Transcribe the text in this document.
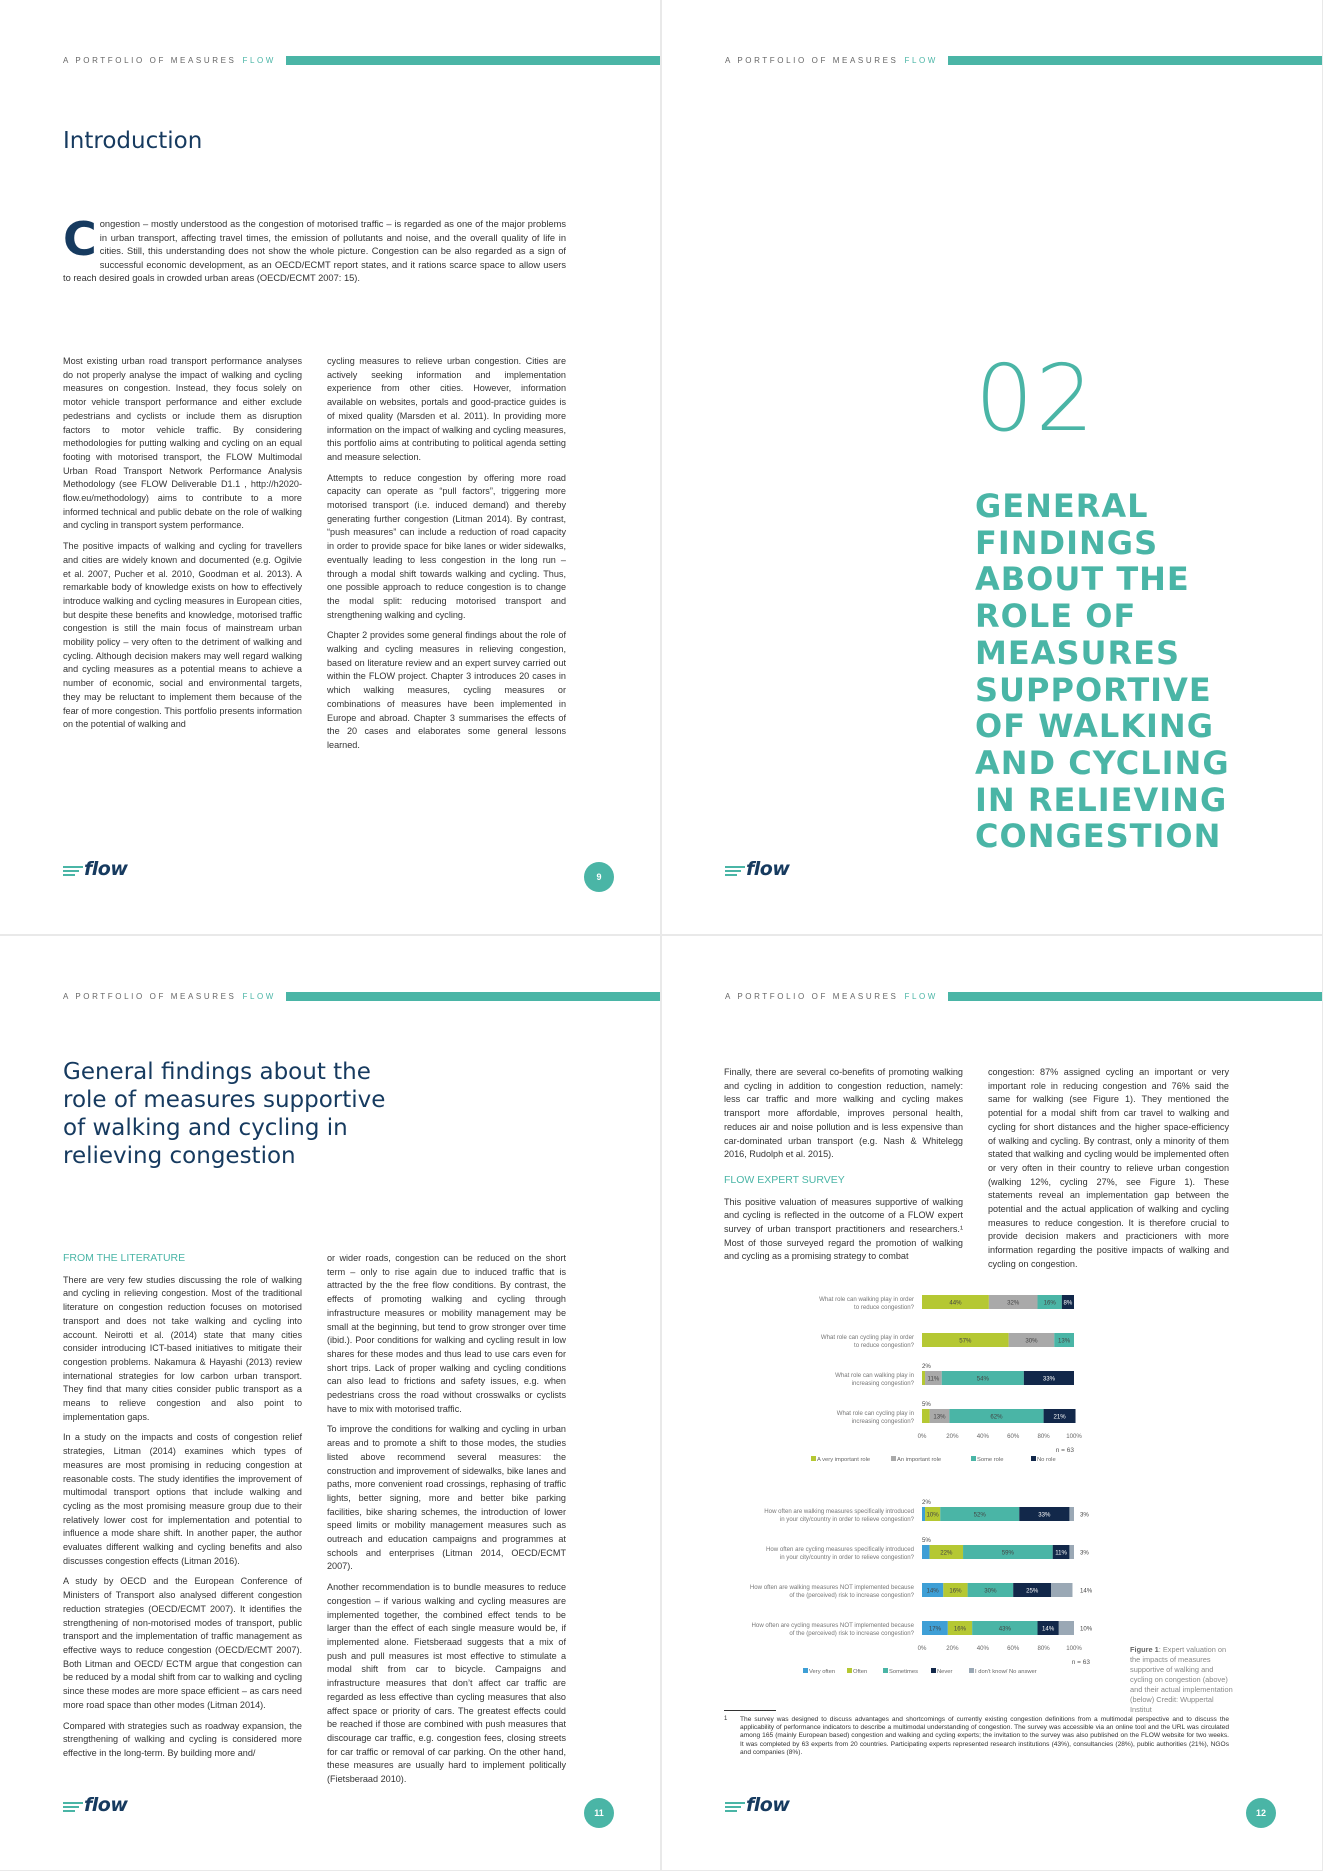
A PORTFOLIO OF MEASURES FLOW
Introduction
Congestion – mostly understood as the congestion of motorised traffic – is regarded as one of the major problems in urban transport, affecting travel times, the emission of pollutants and noise, and the overall quality of life in cities. Still, this understanding does not show the whole picture. Congestion can be also regarded as a sign of successful economic development, as an OECD/ECMT report states, and it rations scarce space to allow users to reach desired goals in crowded urban areas (OECD/ECMT 2007: 15).

Most existing urban road transport performance analyses do not properly analyse the impact of walking and cycling measures on congestion. Instead, they focus solely on motor vehicle transport performance and either exclude pedestrians and cyclists or include them as disruption factors to motor vehicle traffic. By considering methodologies for putting walking and cycling on an equal footing with motorised transport, the FLOW Multimodal Urban Road Transport Network Performance Analysis Methodology (see FLOW Deliverable D1.1 , http://h2020-flow.eu/methodology) aims to contribute to a more informed technical and public debate on the role of walking and cycling in transport system performance.

The positive impacts of walking and cycling for travellers and cities are widely known and documented (e.g. Ogilvie et al. 2007, Pucher et al. 2010, Goodman et al. 2013). A remarkable body of knowledge exists on how to effectively introduce walking and cycling measures in European cities, but despite these benefits and knowledge, motorised traffic congestion is still the main focus of mainstream urban mobility policy – very often to the detriment of walking and cycling. Although decision makers may well regard walking and cycling measures as a potential means to achieve a number of economic, social and environmental targets, they may be reluctant to implement them because of the fear of more congestion. This portfolio presents information on the potential of walking and

cycling measures to relieve urban congestion. Cities are actively seeking information and implementation experience from other cities. However, information available on websites, portals and good-practice guides is of mixed quality (Marsden et al. 2011). In providing more information on the impact of walking and cycling measures, this portfolio aims at contributing to political agenda setting and measure selection.

Attempts to reduce congestion by offering more road capacity can operate as “pull factors”, triggering more motorised transport (i.e. induced demand) and thereby generating further congestion (Litman 2014). By contrast, “push measures” can include a reduction of road capacity in order to provide space for bike lanes or wider sidewalks, eventually leading to less congestion in the long run – through a modal shift towards walking and cycling. Thus, one possible approach to reduce congestion is to change the modal split: reducing motorised transport and strengthening walking and cycling.

Chapter 2 provides some general findings about the role of walking and cycling measures in relieving congestion, based on literature review and an expert survey carried out within the FLOW project. Chapter 3 introduces 20 cases in which walking measures, cycling measures or combinations of measures have been implemented in Europe and abroad. Chapter 3 summarises the effects of the 20 cases and elaborates some general lessons learned.

flow	9
A PORTFOLIO OF MEASURES FLOW
flow
02
GENERAL FINDINGS ABOUT THE ROLE OF MEASURES SUPPORTIVE OF WALKING AND CYCLING IN RELIEVING CONGESTION
A PORTFOLIO OF MEASURES FLOW
flow	11
General findings about the role of measures supportive of walking and cycling in relieving congestion
FROM THE LITERATURE

There are very few studies discussing the role of walking and cycling in relieving congestion. Most of the traditional literature on congestion reduction focuses on motorised transport and does not take walking and cycling into account. Neirotti et al. (2014) state that many cities consider introducing ICT-based initiatives to mitigate their congestion problems. Nakamura & Hayashi (2013) review international strategies for low carbon urban transport. They find that many cities consider public transport as a means to relieve congestion and also point to implementation gaps.

In a study on the impacts and costs of congestion relief strategies, Litman (2014) examines which types of measures are most promising in reducing congestion at reasonable costs. The study identifies the improvement of multimodal transport options that include walking and cycling as the most promising measure group due to their relatively lower cost for implementation and potential to influence a mode share shift. In another paper, the author evaluates different walking and cycling benefits and also discusses congestion effects (Litman 2016).

A study by OECD and the European Conference of Ministers of Transport also analysed different congestion reduction strategies (OECD/ECMT 2007). It identifies the strengthening of non-motorised modes of transport, public transport and the implementation of traffic management as effective ways to reduce congestion (OECD/ECMT 2007). Both Litman and OECD/ ECTM argue that congestion can be reduced by a modal shift from car to walking and cycling since these modes are more space efficient – as cars need more road space than other modes (Litman 2014).

Compared with strategies such as roadway expansion, the strengthening of walking and cycling is considered more effective in the long-term. By building more and/

or wider roads, congestion can be reduced on the short term – only to rise again due to induced traffic that is attracted by the the free flow conditions. By contrast, the effects of promoting walking and cycling through infrastructure measures or mobility management may be small at the beginning, but tend to grow stronger over time (ibid.). Poor conditions for walking and cycling result in low shares for these modes and thus lead to use cars even for short trips. Lack of proper walking and cycling conditions can also lead to frictions and safety issues, e.g. when pedestrians cross the road without crosswalks or cyclists have to mix with motorised traffic.

To improve the conditions for walking and cycling in urban areas and to promote a shift to those modes, the studies listed above recommend several measures: the construction and improvement of sidewalks, bike lanes and paths, more convenient road crossings, rephasing of traffic lights, better signing, more and better bike parking facilities, bike sharing schemes, the introduction of lower speed limits or mobility management measures such as outreach and education campaigns and programmes at schools and enterprises (Litman 2014, OECD/ECMT 2007).

Another recommendation is to bundle measures to reduce congestion – if various walking and cycling measures are implemented together, the combined effect tends to be larger than the effect of each single measure would be, if implemented alone. Fietsberaad suggests that a mix of push and pull measures ist most effective to stimulate a modal shift from car to bicycle. Campaigns and infrastructure measures that don’t affect car traffic are regarded as less effective than cycling measures that also affect space or priority of cars. The greatest effects could be reached if those are combined with push measures that discourage car traffic, e.g. congestion fees, closing streets for car traffic or removal of car parking. On the other hand, these measures are usually hard to implement politically (Fietsberaad 2010).

A PORTFOLIO OF MEASURES FLOW
flow	12

Finally, there are several co-benefits of promoting walking and cycling in addition to congestion reduction, namely: less car traffic and more walking and cycling makes transport more affordable, improves personal health, reduces air and noise pollution and is less expensive than car-dominated urban transport (e.g. Nash & Whitelegg 2016, Rudolph et al. 2015).

FLOW EXPERT SURVEY

This positive valuation of measures supportive of walking and cycling is reflected in the outcome of a FLOW expert survey of urban transport practitioners and researchers.¹ Most of those surveyed regard the promotion of walking and cycling as a promising strategy to combat

congestion: 87% assigned cycling an important or very important role in reducing congestion and 76% said the same for walking (see Figure 1). They mentioned the potential for a modal shift from car travel to walking and cycling for short distances and the higher space-efficiency of walking and cycling. By contrast, only a minority of them stated that walking and cycling would be implemented often or very often in their country to relieve urban congestion (walking 12%, cycling 27%, see Figure 1). These statements reveal an implementation gap between the potential and the actual application of walking and cycling measures to reduce congestion. It is therefore crucial to provide decision makers and practicioners with more information regarding the positive impacts of walking and cycling on congestion.

What role can walking play in order
to reduce congestion?
44%	32%	16% 8%
What role can cycling play in order
to reduce congestion?
57%	30%	13%
What role can walking play in
increasing congestion?
2%
11%	54%	33%
What role can cycling play in
increasing congestion?
5%
13%	62%	21%
0%	20%	40%	60%	80%	100%
n = 63
A very important role	An important role	Some role	No role
How often are walking measures specifically introduced
in your city/country in order to relieve congestion?
2%
10%	52%	33%	3%
How often are cycling measures specifically introduced
in your city/country in order to relieve congestion?
5%
22%	59%	11% 3%
How often are walking measures NOT implemented because
of the (perceived) risk to increase congestion?
14% 16%	30%	25%	14%
How often are cycling measures NOT implemented because
of the (perceived) risk to increase congestion?
17% 16%	43%	14%	10%
0%	20%	40%	60%	80%	100%
n = 63
Very often	Often	Sometimes	Never	I don't know/ No answer
Figure 1: Expert valuation on the impacts of measures supportive of walking and cycling on congestion (above) and their actual implementation (below) Credit: Wuppertal Institut
1	The survey was designed to discuss advantages and shortcomings of currently existing congestion definitions from a multimodal perspective and to discuss the applicability of performance indicators to describe a multimodal understanding of congestion. The survey was accessible via an online tool and the URL was circulated among 165 (mainly European based) congestion and walking and cycling experts; the invitation to the survey was also published on the FLOW website for two weeks. It was completed by 63 experts from 20 countries. Participating experts represented research institutions (43%), consultancies (28%), public authorities (21%), NGOs and companies (8%).
